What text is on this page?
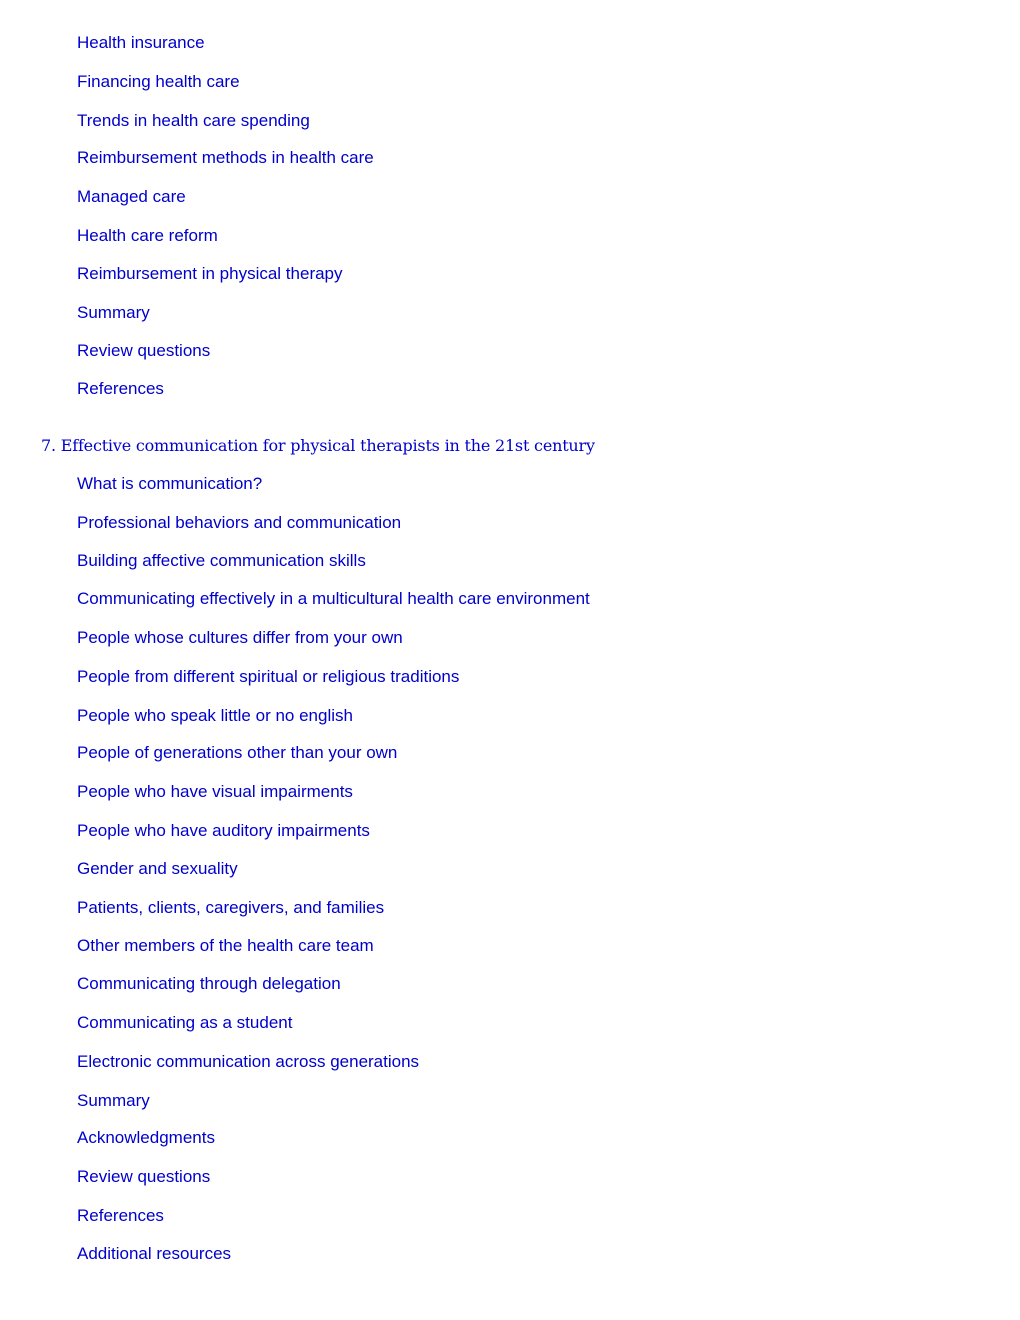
Health insurance
Financing health care
Trends in health care spending
Reimbursement methods in health care
Managed care
Health care reform
Reimbursement in physical therapy
Summary
Review questions
References
7. Effective communication for physical therapists in the 21st century
What is communication?
Professional behaviors and communication
Building affective communication skills
Communicating effectively in a multicultural health care environment
People whose cultures differ from your own
People from different spiritual or religious traditions
People who speak little or no english
People of generations other than your own
People who have visual impairments
People who have auditory impairments
Gender and sexuality
Patients, clients, caregivers, and families
Other members of the health care team
Communicating through delegation
Communicating as a student
Electronic communication across generations
Summary
Acknowledgments
Review questions
References
Additional resources
